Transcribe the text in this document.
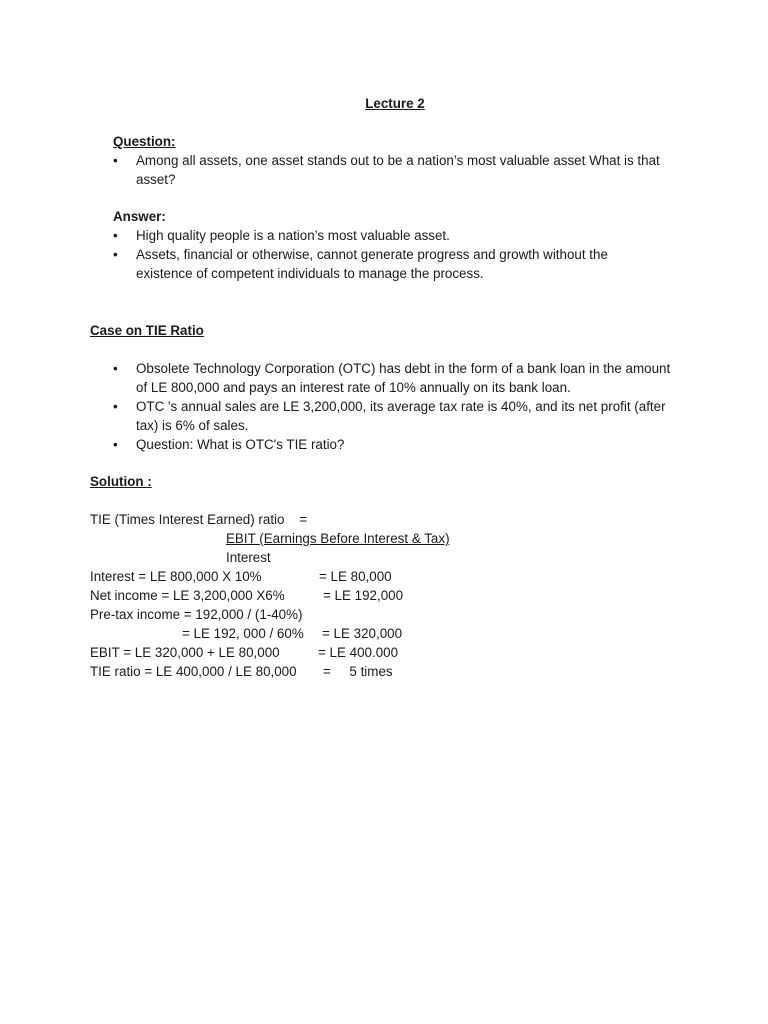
Lecture 2
Question:
• Among all assets, one asset stands out to be a nation’s most valuable asset What is that asset?
Answer:
• High quality people is a nation’s most valuable asset.
• Assets, financial or otherwise, cannot generate progress and growth without the existence of competent individuals to manage the process.
Case on TIE Ratio
• Obsolete Technology Corporation (OTC) has debt in the form of a bank loan in the amount of LE 800,000 and pays an interest rate of 10% annually on its bank loan.
• OTC 's annual sales are LE 3,200,000, its average tax rate is 40%, and its net profit (after tax) is 6% of sales.
• Question: What is OTC's TIE ratio?
Solution :
TIE (Times Interest Earned) ratio    =
EBIT (Earnings Before Interest & Tax)
Interest
Interest = LE 800,000 X 10%	= LE 80,000
Net income = LE 3,200,000 X6%	= LE 192,000
Pre-tax income = 192,000 / (1-40%)
= LE 192, 000 / 60% = LE 320,000
EBIT = LE 320,000 + LE 80,000	= LE 400.000
TIE ratio = LE 400,000 / LE 80,000 =     5 times
